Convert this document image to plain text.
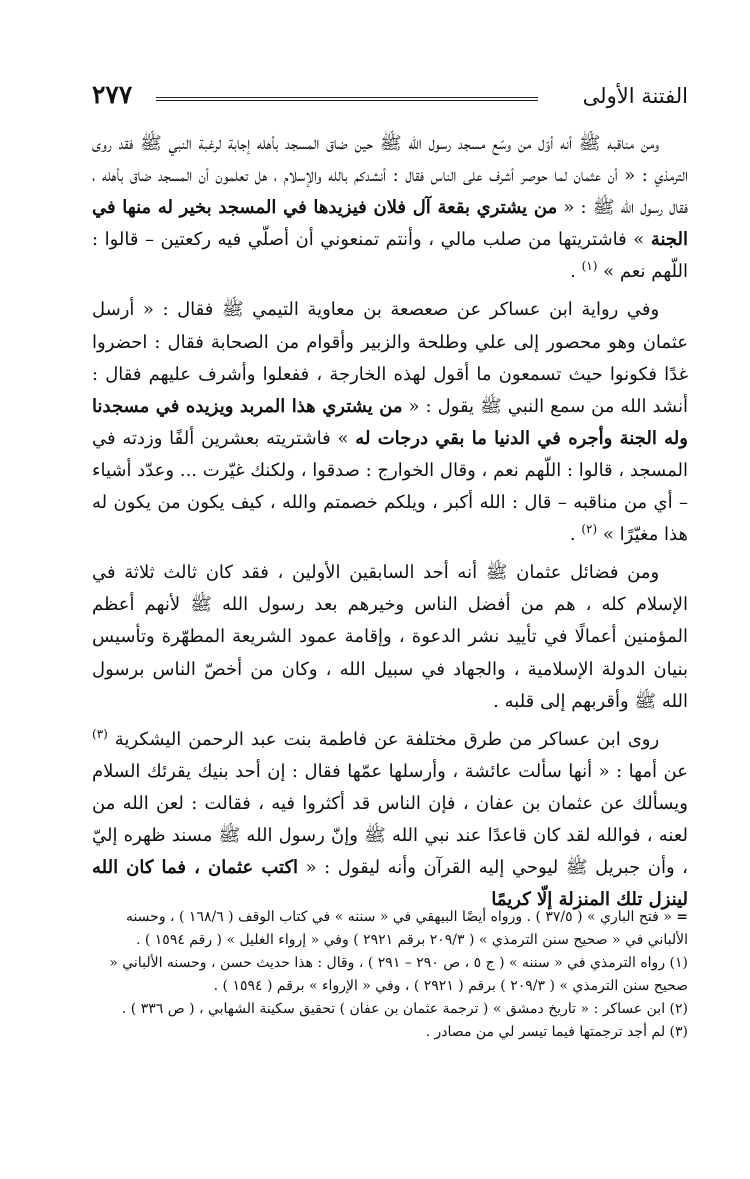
الفتنة الأولى
٢٧٧

ومن مناقبه ﷺ أنه أوّل من وسّع مسجد رسول الله ﷺ حين ضاق المسجد بأهله إجابة لرغبة النبي ﷺ فقد روى الترمذي : « أن عثمان لما حوصر أشرف على الناس فقال : أنشدكم بالله والإسلام ، هل تعلمون أن المسجد ضاق بأهله ، فقال رسول الله ﷺ : « من يشتري بقعة آل فلان فيزيدها في المسجد بخير له منها في الجنة » فاشتريتها من صلب مالي ، وأنتم تمنعوني أن أصلّي فيه ركعتين – قالوا : اللّهم نعم » $^{(١)}$ .

وفي رواية ابن عساكر عن صعصعة بن معاوية التيمي ﷺ فقال : « أرسل عثمان وهو محصور إلى علي وطلحة والزبير وأقوام من الصحابة فقال : احضروا غدًا فكونوا حيث تسمعون ما أقول لهذه الخارجة ، ففعلوا وأشرف عليهم فقال : أنشد الله من سمع النبي ﷺ يقول : « من يشتري هذا المربد ويزيده في مسجدنا وله الجنة وأجره في الدنيا ما بقي درجات له » فاشتريته بعشرين ألفًا وزدته في المسجد ، قالوا : اللّهم نعم ، وقال الخوارج : صدقوا ، ولكنك غيّرت ... وعدّد أشياء – أي من مناقبه – قال : الله أكبر ، ويلكم خصمتم والله ، كيف يكون من يكون له هذا مغيّرًا » $^{(٢)}$ .

ومن فضائل عثمان ﷺ أنه أحد السابقين الأولين ، فقد كان ثالث ثلاثة في الإسلام كله ، هم من أفضل الناس وخيرهم بعد رسول الله ﷺ لأنهم أعظم المؤمنين أعمالًا في تأييد نشر الدعوة ، وإقامة عمود الشريعة المطهّرة وتأسيس بنيان الدولة الإسلامية ، والجهاد في سبيل الله ، وكان من أخصّ الناس برسول الله ﷺ وأقربهم إلى قلبه .

روى ابن عساكر من طرق مختلفة عن فاطمة بنت عبد الرحمن اليشكرية $^{(٣)}$ عن أمها : « أنها سألت عائشة ، وأرسلها عمّها فقال : إن أحد بنيك يقرئك السلام ويسألك عن عثمان بن عفان ، فإن الناس قد أكثروا فيه ، فقالت : لعن الله من لعنه ، فوالله لقد كان قاعدًا عند نبي الله ﷺ وإنّ رسول الله ﷺ مسند ظهره إليّ ، وأن جبريل ﷺ ليوحي إليه القرآن وأنه ليقول : « اكتب عثمان ، فما كان الله لينزل تلك المنزلة إلّا كريمًا

= « فتح الباري » ( ٣٧/٥ ) . ورواه أيضًا البيهقي في « سننه » في كتاب الوقف ( ١٦٨/٦ ) ، وحسنه الألباني في « صحيح سنن الترمذي » ( ٢٠٩/٣ برقم ٢٩٢١ ) وفي « إرواء الغليل » ( رقم ١٥٩٤ ) .
(١) رواه الترمذي في « سننه » ( ج ٥ ، ص ٢٩٠ – ٢٩١ ) ، وقال : هذا حديث حسن ، وحسنه الألباني « صحيح سنن الترمذي » ( ٢٠٩/٣ ) برقم ( ٢٩٢١ ) ، وفي « الإرواء » برقم ( ١٥٩٤ ) .
(٢) ابن عساكر : « تاريخ دمشق » ( ترجمة عثمان بن عفان ) تحقيق سكينة الشهابي ، ( ص ٣٣٦ ) .
(٣) لم أجد ترجمتها فيما تيسر لي من مصادر .
